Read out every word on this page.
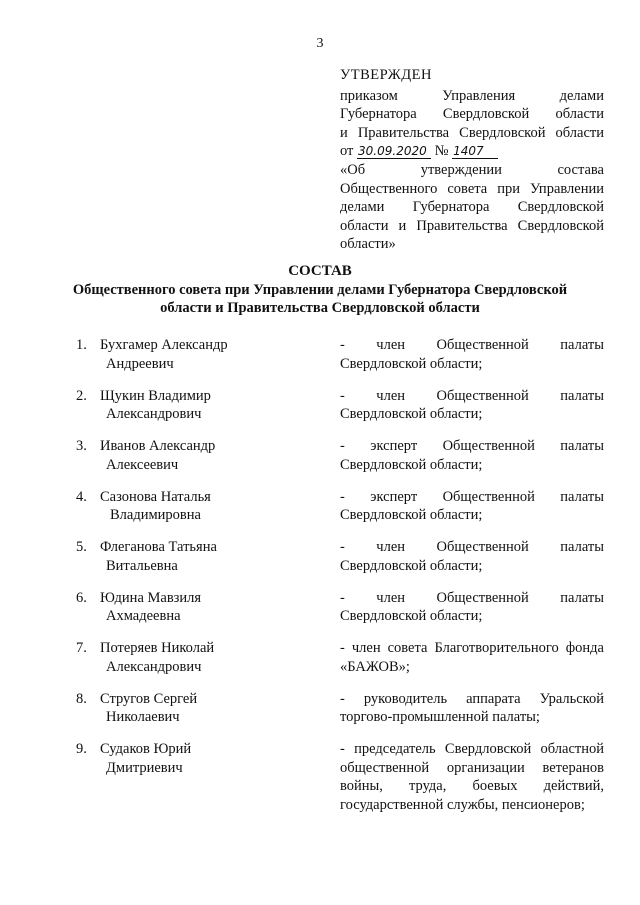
3
УТВЕРЖДЕН
приказом Управления делами
Губернатора Свердловской области
и Правительства Свердловской области
от 30.09.2020 № 1407
«Об утверждении состава
Общественного совета при Управлении
делами Губернатора Свердловской
области и Правительства Свердловской
области»
СОСТАВ
Общественного совета при Управлении делами Губернатора Свердловской
области и Правительства Свердловской области
1. Бухгамер Александр
Андреевич
- член Общественной палаты
Свердловской области;
2. Щукин Владимир
Александрович
- член Общественной палаты
Свердловской области;
3. Иванов Александр
Алексеевич
- эксперт Общественной палаты
Свердловской области;
4. Сазонова Наталья
Владимировна
- эксперт Общественной палаты
Свердловской области;
5. Флеганова Татьяна
Витальевна
- член Общественной палаты
Свердловской области;
6. Юдина Мавзиля
Ахмадеевна
- член Общественной палаты
Свердловской области;
7. Потеряев Николай
Александрович
- член совета Благотворительного фонда
«БАЖОВ»;
8. Стругов Сергей
Николаевич
- руководитель аппарата Уральской
торгово-промышленной палаты;
9. Судаков Юрий
Дмитриевич
- председатель Свердловской областной
общественной организации ветеранов
войны, труда, боевых действий,
государственной службы, пенсионеров;
